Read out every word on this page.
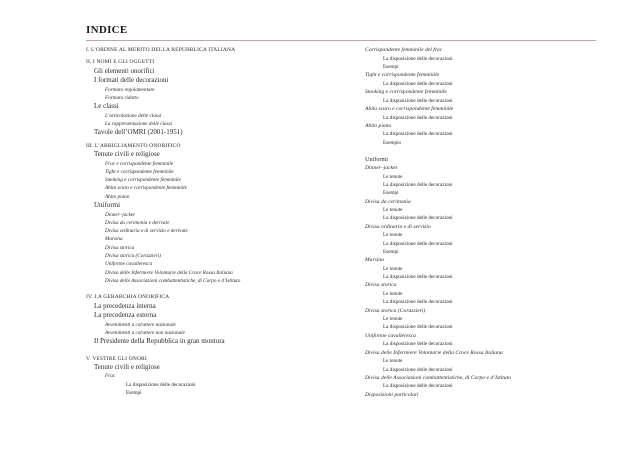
INDICE
I. L’ORDINE AL MERITO DELLA REPUBBLICA ITALIANA
II. I NOMI E GLI OGGETTI
Gli elementi onorifici
I formati delle decorazioni
Formato regolamentare
Formato ridotto
Le classi
L’articolazione delle classi
La rappresentazione delle classi
Tavole dell’OMRI (2001-1951)
III. L’ABBIGLIAMENTO ONORIFICO
Tenute civili e religiose
Frac e corrispondente femminile
Tight e corrispondente femminile
Smoking e corrispondente femminile
Abito scuro e corrispondente femminile
Abito piano
Uniformi
Dinner–jacket
Divisa da cerimonia e derivate
Divisa ordinaria e di servizio e derivate
Marsina
Divisa storica
Divisa storica (Corazzieri)
Uniforme cavalleresca
Divisa delle Infermiere Volontarie della Croce Rossa Italiana
Divisa delle Associazioni combattentistiche, di Corpo e d’Istituto
IV. LA GERARCHIA ONORIFICA
La precedenza interna
La precedenza esterna
Avvenimenti a carattere nazionale
Avvenimenti a carattere non nazionale
Il Presidente della Repubblica in gran montura
V. VESTIRE GLI ONORI
Tenute civili e religiose
Frac
La disposizione delle decorazioni
Esempi
Corrispondente femminile del frac
La disposizione delle decorazioni
Esempi
Tight e corrispondente femminile
La disposizione delle decorazioni
Smoking e corrispondente femminile
La disposizione delle decorazioni
Abito scuro e corrispondente femminile
La disposizione delle decorazioni
Abito piano
La disposizione delle decorazioni
Esempio
Uniformi
Dinner–jacket
Le tenute
La disposizione delle decorazioni
Esempi
Divisa da cerimonia
Le tenute
La disposizione delle decorazioni
Divisa ordinaria e di servizio
Le tenute
La disposizione delle decorazioni
Esempi
Marsina
Le tenute
La disposizione delle decorazioni
Divisa storica
Le tenute
La disposizione delle decorazioni
Divisa storica (Corazzieri)
Le tenute
La disposizione delle decorazioni
Uniforme cavalleresca
La disposizione delle decorazioni
Divisa delle Infermiere Volontarie della Croce Rossa Italiana
Le tenute
La disposizione delle decorazioni
Divisa delle Associazioni combattentistiche, di Corpo e d’Istituto
La disposizione delle decorazioni
Disposizioni particolari
